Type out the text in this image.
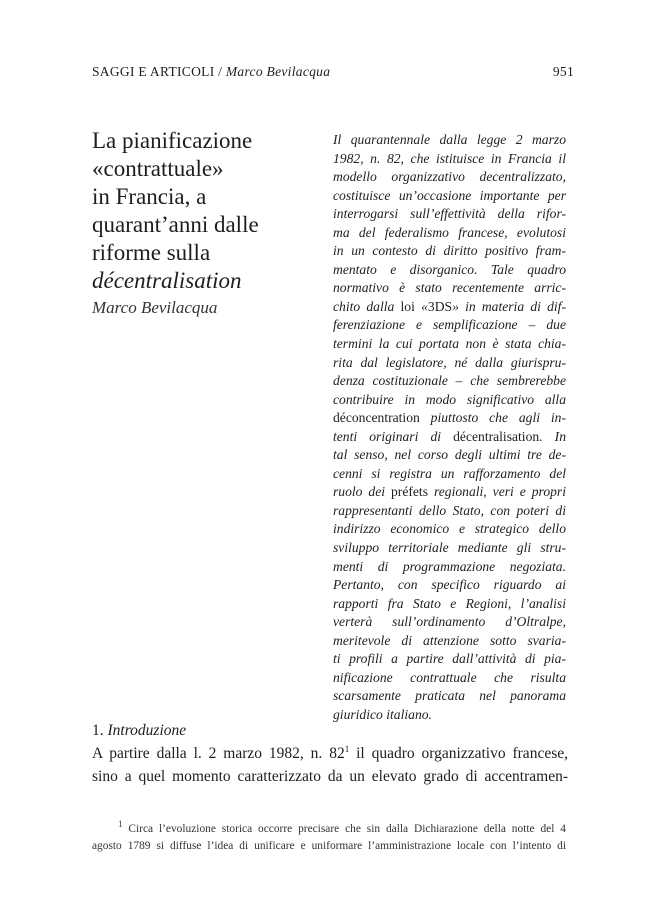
SAGGI E ARTICOLI / Marco Bevilacqua	951
La pianificazione
«contrattuale»
in Francia, a
quarant’anni dalle
riforme sulla
décentralisation
Marco Bevilacqua
Il quarantennale dalla legge 2 marzo
1982, n. 82, che istituisce in Francia il
modello organizzativo decentralizzato,
costituisce un’occasione importante per
interrogarsi sull’effettività della rifor-
ma del federalismo francese, evolutosi
in un contesto di diritto positivo fram-
mentato e disorganico. Tale quadro
normativo è stato recentemente arric-
chito dalla loi «3DS» in materia di dif-
ferenziazione e semplificazione – due
termini la cui portata non è stata chia-
rita dal legislatore, né dalla giurispru-
denza costituzionale – che sembrerebbe
contribuire in modo significativo alla
déconcentration piuttosto che agli in-
tenti originari di décentralisation. In
tal senso, nel corso degli ultimi tre de-
cenni si registra un rafforzamento del
ruolo dei préfets regionali, veri e propri
rappresentanti dello Stato, con poteri di
indirizzo economico e strategico dello
sviluppo territoriale mediante gli stru-
menti di programmazione negoziata.
Pertanto, con specifico riguardo ai
rapporti fra Stato e Regioni, l’analisi
verterà sull’ordinamento d’Oltralpe,
meritevole di attenzione sotto svaria-
ti profili a partire dall’attività di pia-
nificazione contrattuale che risulta
scarsamente praticata nel panorama
giuridico italiano.
1. Introduzione
A partire dalla l. 2 marzo 1982, n. $82^1$ il quadro organizzativo francese,
sino a quel momento caratterizzato da un elevato grado di accentramen-
$^1$ Circa l’evoluzione storica occorre precisare che sin dalla Dichiarazione della notte del 4
agosto 1789 si diffuse l’idea di unificare e uniformare l’amministrazione locale con l’intento di
